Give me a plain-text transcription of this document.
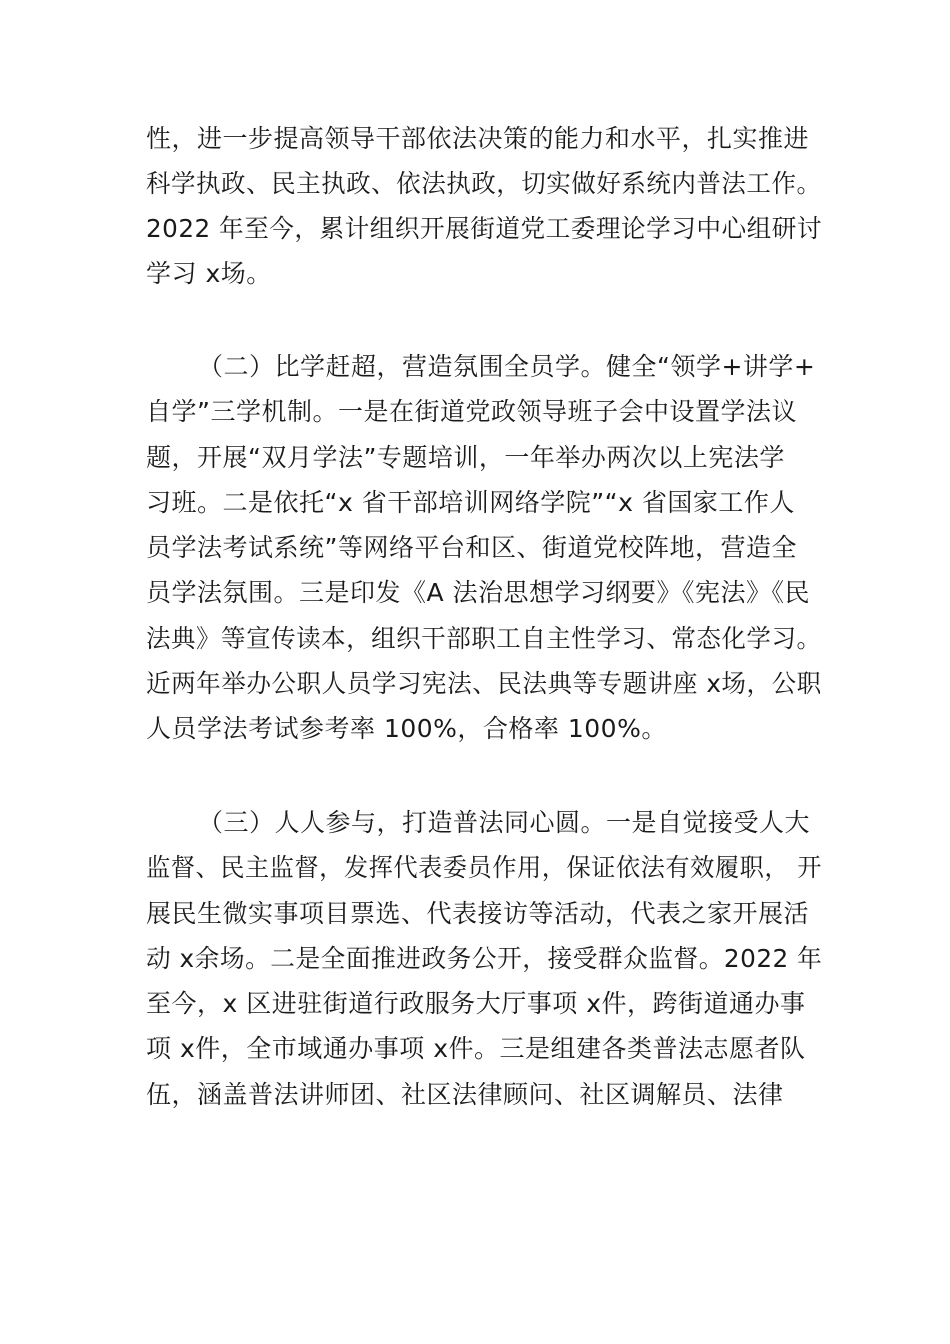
性，进一步提高领导干部依法决策的能力和水平，扎实推进
科学执政、民主执政、依法执政，切实做好系统内普法工作。
2022 年至今，累计组织开展街道党工委理论学习中心组研讨
学习 x场。
（二）比学赶超，营造氛围全员学。健全“领学+讲学+
自学”三学机制。一是在街道党政领导班子会中设置学法议
题，开展“双月学法”专题培训，一年举办两次以上宪法学
习班。二是依托“x 省干部培训网络学院”“x 省国家工作人
员学法考试系统”等网络平台和区、街道党校阵地，营造全
员学法氛围。三是印发《A 法治思想学习纲要》《宪法》《民
法典》等宣传读本，组织干部职工自主性学习、常态化学习。
近两年举办公职人员学习宪法、民法典等专题讲座 x场，公职
人员学法考试参考率 100%，合格率 100%。
（三）人人参与，打造普法同心圆。一是自觉接受人大
监督、民主监督，发挥代表委员作用，保证依法有效履职， 开
展民生微实事项目票选、代表接访等活动，代表之家开展活
动 x余场。二是全面推进政务公开，接受群众监督。2022 年
至今，x 区进驻街道行政服务大厅事项 x件，跨街道通办事
项 x件，全市域通办事项 x件。三是组建各类普法志愿者队
伍，涵盖普法讲师团、社区法律顾问、社区调解员、法律
